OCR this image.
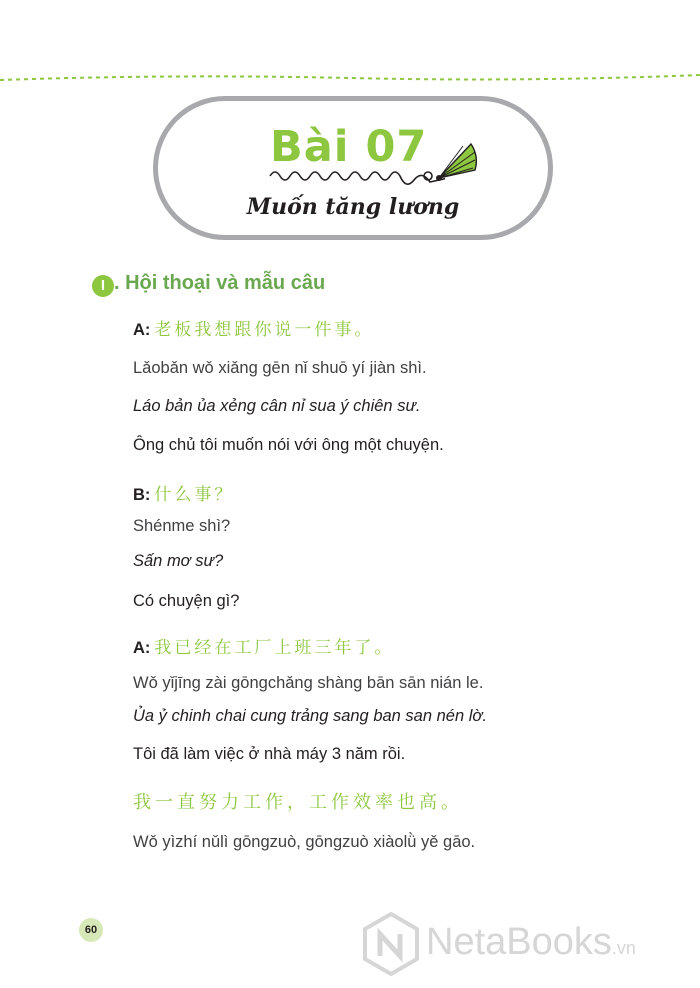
Bài 07
Muốn tăng lương
I . Hội thoại và mẫu câu
A: 老板我想跟你说一件事。
Lǎobǎn wǒ xiǎng gēn nǐ shuō yí jiàn shì.
Láo bản ủa xẻng cân nỉ sua ý chiên sư.
Ông chủ tôi muốn nói với ông một chuyện.
B: 什么事？
Shénme shì?
Sấn mơ sư?
Có chuyện gì?
A: 我已经在工厂上班三年了。
Wǒ yǐjīng zài gōngchǎng shàng bān sān nián le.
Ủa ỷ chinh chai cung trảng sang ban san nén lờ.
Tôi đã làm việc ở nhà máy 3 năm rồi.
我一直努力工作，工作效率也高。
Wǒ yìzhí nǔlì gōngzuò, gōngzuò xiàolǜ yě gāo.
60	NetaBooks.vn
